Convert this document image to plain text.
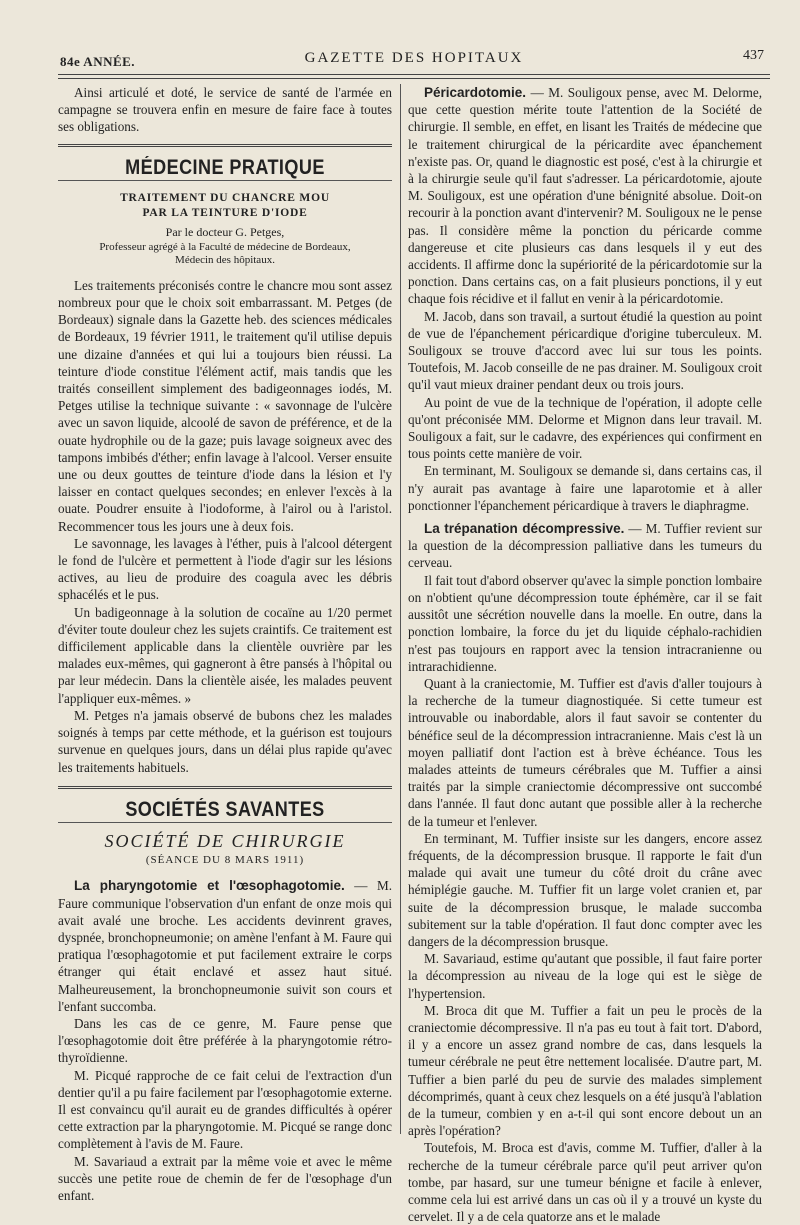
84e ANNÉE.	GAZETTE DES HOPITAUX	437

Ainsi articulé et doté, le service de santé de l'armée en campagne se trouvera enfin en mesure de faire face à toutes ses obligations.

MÉDECINE PRATIQUE
TRAITEMENT DU CHANCRE MOU
PAR LA TEINTURE D'IODE
Par le docteur G. Petges,
Professeur agrégé à la Faculté de médecine de Bordeaux,
Médecin des hôpitaux.

Les traitements préconisés contre le chancre mou sont assez nombreux pour que le choix soit embarrassant. M. Petges (de Bordeaux) signale dans la Gazette heb. des sciences médicales de Bordeaux, 19 février 1911, le traitement qu'il utilise depuis une dizaine d'années et qui lui a toujours bien réussi. La teinture d'iode constitue l'élément actif, mais tandis que les traités conseillent simplement des badigeonnages iodés, M. Petges utilise la technique suivante : « savonnage de l'ulcère avec un savon liquide, alcoolé de savon de préférence, et de la ouate hydrophile ou de la gaze; puis lavage soigneux avec des tampons imbibés d'éther; enfin lavage à l'alcool. Verser ensuite une ou deux gouttes de teinture d'iode dans la lésion et l'y laisser en contact quelques secondes; en enlever l'excès à la ouate. Poudrer ensuite à l'iodoforme, à l'airol ou à l'aristol. Recommencer tous les jours une à deux fois.

Le savonnage, les lavages à l'éther, puis à l'alcool détergent le fond de l'ulcère et permettent à l'iode d'agir sur les lésions actives, au lieu de produire des coagula avec les débris sphacélés et le pus.

Un badigeonnage à la solution de cocaïne au 1/20 permet d'éviter toute douleur chez les sujets craintifs. Ce traitement est difficilement applicable dans la clientèle ouvrière par les malades eux-mêmes, qui gagneront à être pansés à l'hôpital ou par leur médecin. Dans la clientèle aisée, les malades peuvent l'appliquer eux-mêmes. »

M. Petges n'a jamais observé de bubons chez les malades soignés à temps par cette méthode, et la guérison est toujours survenue en quelques jours, dans un délai plus rapide qu'avec les traitements habituels.

SOCIÉTÉS SAVANTES
SOCIÉTÉ DE CHIRURGIE
(SÉANCE DU 8 MARS 1911)

La pharyngotomie et l'œsophagotomie. — M. Faure communique l'observation d'un enfant de onze mois qui avait avalé une broche. Les accidents devinrent graves, dyspnée, bronchopneumonie; on amène l'enfant à M. Faure qui pratiqua l'œsophagotomie et put facilement extraire le corps étranger qui était enclavé et assez haut situé. Malheureusement, la bronchopneumonie suivit son cours et l'enfant succomba.

Dans les cas de ce genre, M. Faure pense que l'œsophagotomie doit être préférée à la pharyngotomie rétro-thyroïdienne.

M. Picqué rapproche de ce fait celui de l'extraction d'un dentier qu'il a pu faire facilement par l'œsophagotomie externe. Il est convaincu qu'il aurait eu de grandes difficultés à opérer cette extraction par la pharyngotomie. M. Picqué se range donc complètement à l'avis de M. Faure.

M. Savariaud a extrait par la même voie et avec le même succès une petite roue de chemin de fer de l'œsophage d'un enfant.

Péricardotomie. — M. Souligoux pense, avec M. Delorme, que cette question mérite toute l'attention de la Société de chirurgie. Il semble, en effet, en lisant les Traités de médecine que le traitement chirurgical de la péricardite avec épanchement n'existe pas. Or, quand le diagnostic est posé, c'est à la chirurgie et à la chirurgie seule qu'il faut s'adresser. La péricardotomie, ajoute M. Souligoux, est une opération d'une bénignité absolue. Doit-on recourir à la ponction avant d'intervenir? M. Souligoux ne le pense pas. Il considère même la ponction du péricarde comme dangereuse et cite plusieurs cas dans lesquels il y eut des accidents. Il affirme donc la supériorité de la péricardotomie sur la ponction. Dans certains cas, on a fait plusieurs ponctions, il y eut chaque fois récidive et il fallut en venir à la péricardotomie.

M. Jacob, dans son travail, a surtout étudié la question au point de vue de l'épanchement péricardique d'origine tuberculeux. M. Souligoux se trouve d'accord avec lui sur tous les points. Toutefois, M. Jacob conseille de ne pas drainer. M. Souligoux croit qu'il vaut mieux drainer pendant deux ou trois jours.

Au point de vue de la technique de l'opération, il adopte celle qu'ont préconisée MM. Delorme et Mignon dans leur travail. M. Souligoux a fait, sur le cadavre, des expériences qui confirment en tous points cette manière de voir.

En terminant, M. Souligoux se demande si, dans certains cas, il n'y aurait pas avantage à faire une laparotomie et à aller ponctionner l'épanchement péricardique à travers le diaphragme.

La trépanation décompressive. — M. Tuffier revient sur la question de la décompression palliative dans les tumeurs du cerveau.

Il fait tout d'abord observer qu'avec la simple ponction lombaire on n'obtient qu'une décompression toute éphémère, car il se fait aussitôt une sécrétion nouvelle dans la moelle. En outre, dans la ponction lombaire, la force du jet du liquide céphalo-rachidien n'est pas toujours en rapport avec la tension intracranienne ou intrarachidienne.

Quant à la craniectomie, M. Tuffier est d'avis d'aller toujours à la recherche de la tumeur diagnostiquée. Si cette tumeur est introuvable ou inabordable, alors il faut savoir se contenter du bénéfice seul de la décompression intracranienne. Mais c'est là un moyen palliatif dont l'action est à brève échéance. Tous les malades atteints de tumeurs cérébrales que M. Tuffier a ainsi traités par la simple craniectomie décompressive ont succombé dans l'année. Il faut donc autant que possible aller à la recherche de la tumeur et l'enlever.

En terminant, M. Tuffier insiste sur les dangers, encore assez fréquents, de la décompression brusque. Il rapporte le fait d'un malade qui avait une tumeur du côté droit du crâne avec hémiplégie gauche. M. Tuffier fit un large volet cranien et, par suite de la décompression brusque, le malade succomba subitement sur la table d'opération. Il faut donc compter avec les dangers de la décompression brusque.

M. Savariaud, estime qu'autant que possible, il faut faire porter la décompression au niveau de la loge qui est le siège de l'hypertension.

M. Broca dit que M. Tuffier a fait un peu le procès de la craniectomie décompressive. Il n'a pas eu tout à fait tort. D'abord, il y a encore un assez grand nombre de cas, dans lesquels la tumeur cérébrale ne peut être nettement localisée. D'autre part, M. Tuffier a bien parlé du peu de survie des malades simplement décomprimés, quant à ceux chez lesquels on a été jusqu'à l'ablation de la tumeur, combien y en a-t-il qui sont encore debout un an après l'opération?

Toutefois, M. Broca est d'avis, comme M. Tuffier, d'aller à la recherche de la tumeur cérébrale parce qu'il peut arriver qu'on tombe, par hasard, sur une tumeur bénigne et facile à enlever, comme cela lui est arrivé dans un cas où il y a trouvé un kyste du cervelet. Il y a de cela quatorze ans et le malade
